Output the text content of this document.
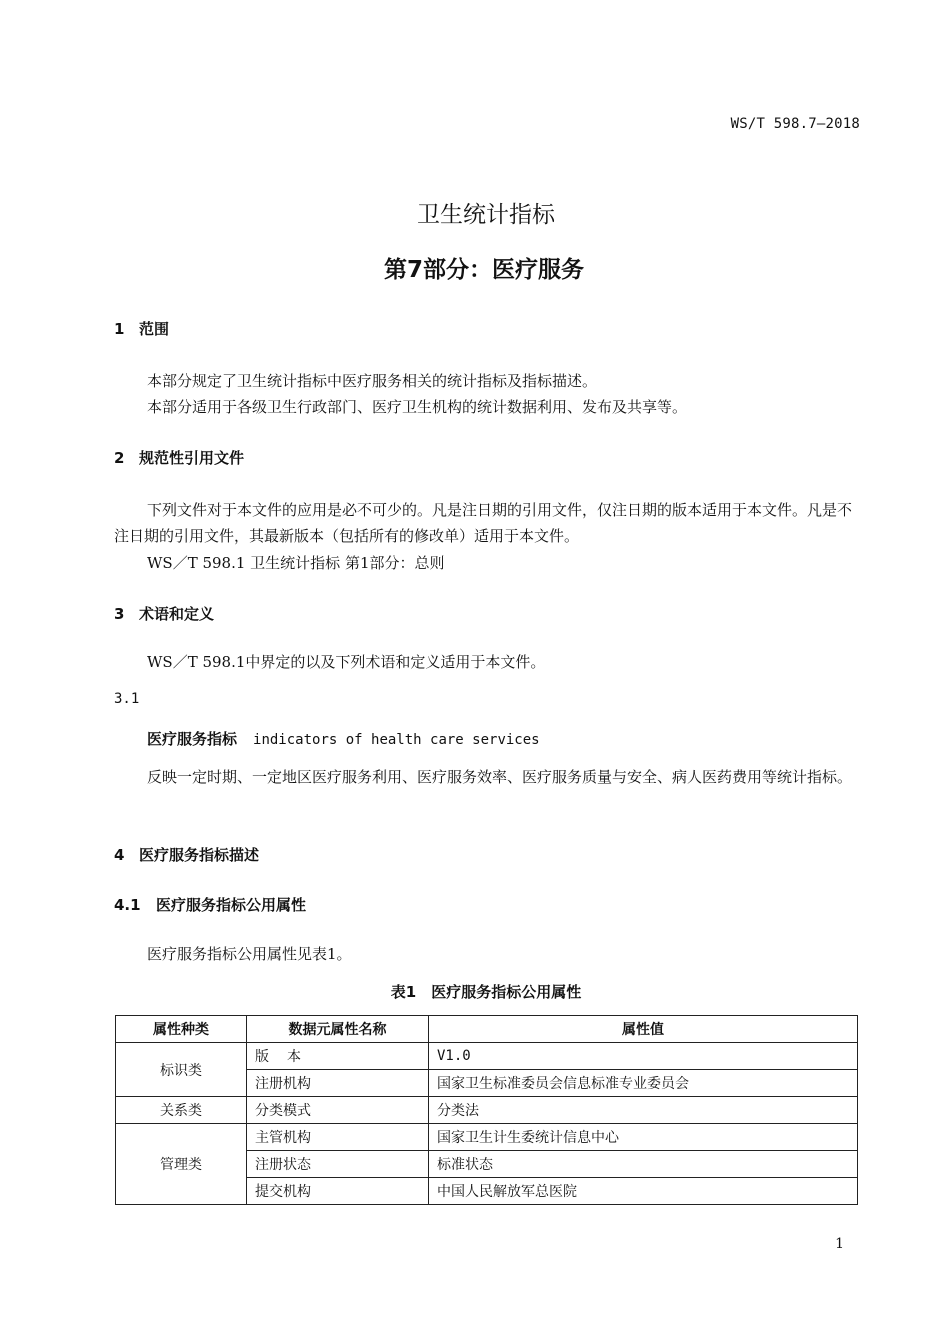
WS/T 598.7—2018
卫生统计指标
第7部分：医疗服务
1 范围
本部分规定了卫生统计指标中医疗服务相关的统计指标及指标描述。
本部分适用于各级卫生行政部门、医疗卫生机构的统计数据利用、发布及共享等。
2 规范性引用文件
下列文件对于本文件的应用是必不可少的。凡是注日期的引用文件，仅注日期的版本适用于本文件。凡是不注日期的引用文件，其最新版本（包括所有的修改单）适用于本文件。
WS／T 598.1 卫生统计指标 第1部分：总则
3 术语和定义
WS／T 598.1中界定的以及下列术语和定义适用于本文件。
3.1
医疗服务指标 indicators of health care services
反映一定时期、一定地区医疗服务利用、医疗服务效率、医疗服务质量与安全、病人医药费用等统计指标。
4 医疗服务指标描述
4.1 医疗服务指标公用属性
医疗服务指标公用属性见表1。
表1　医疗服务指标公用属性
属性种类	数据元属性名称	属性值
标识类	版本	V1.0
	注册机构	国家卫生标准委员会信息标准专业委员会
关系类	分类模式	分类法
管理类	主管机构	国家卫生计生委统计信息中心
	注册状态	标准状态
	提交机构	中国人民解放军总医院
1
